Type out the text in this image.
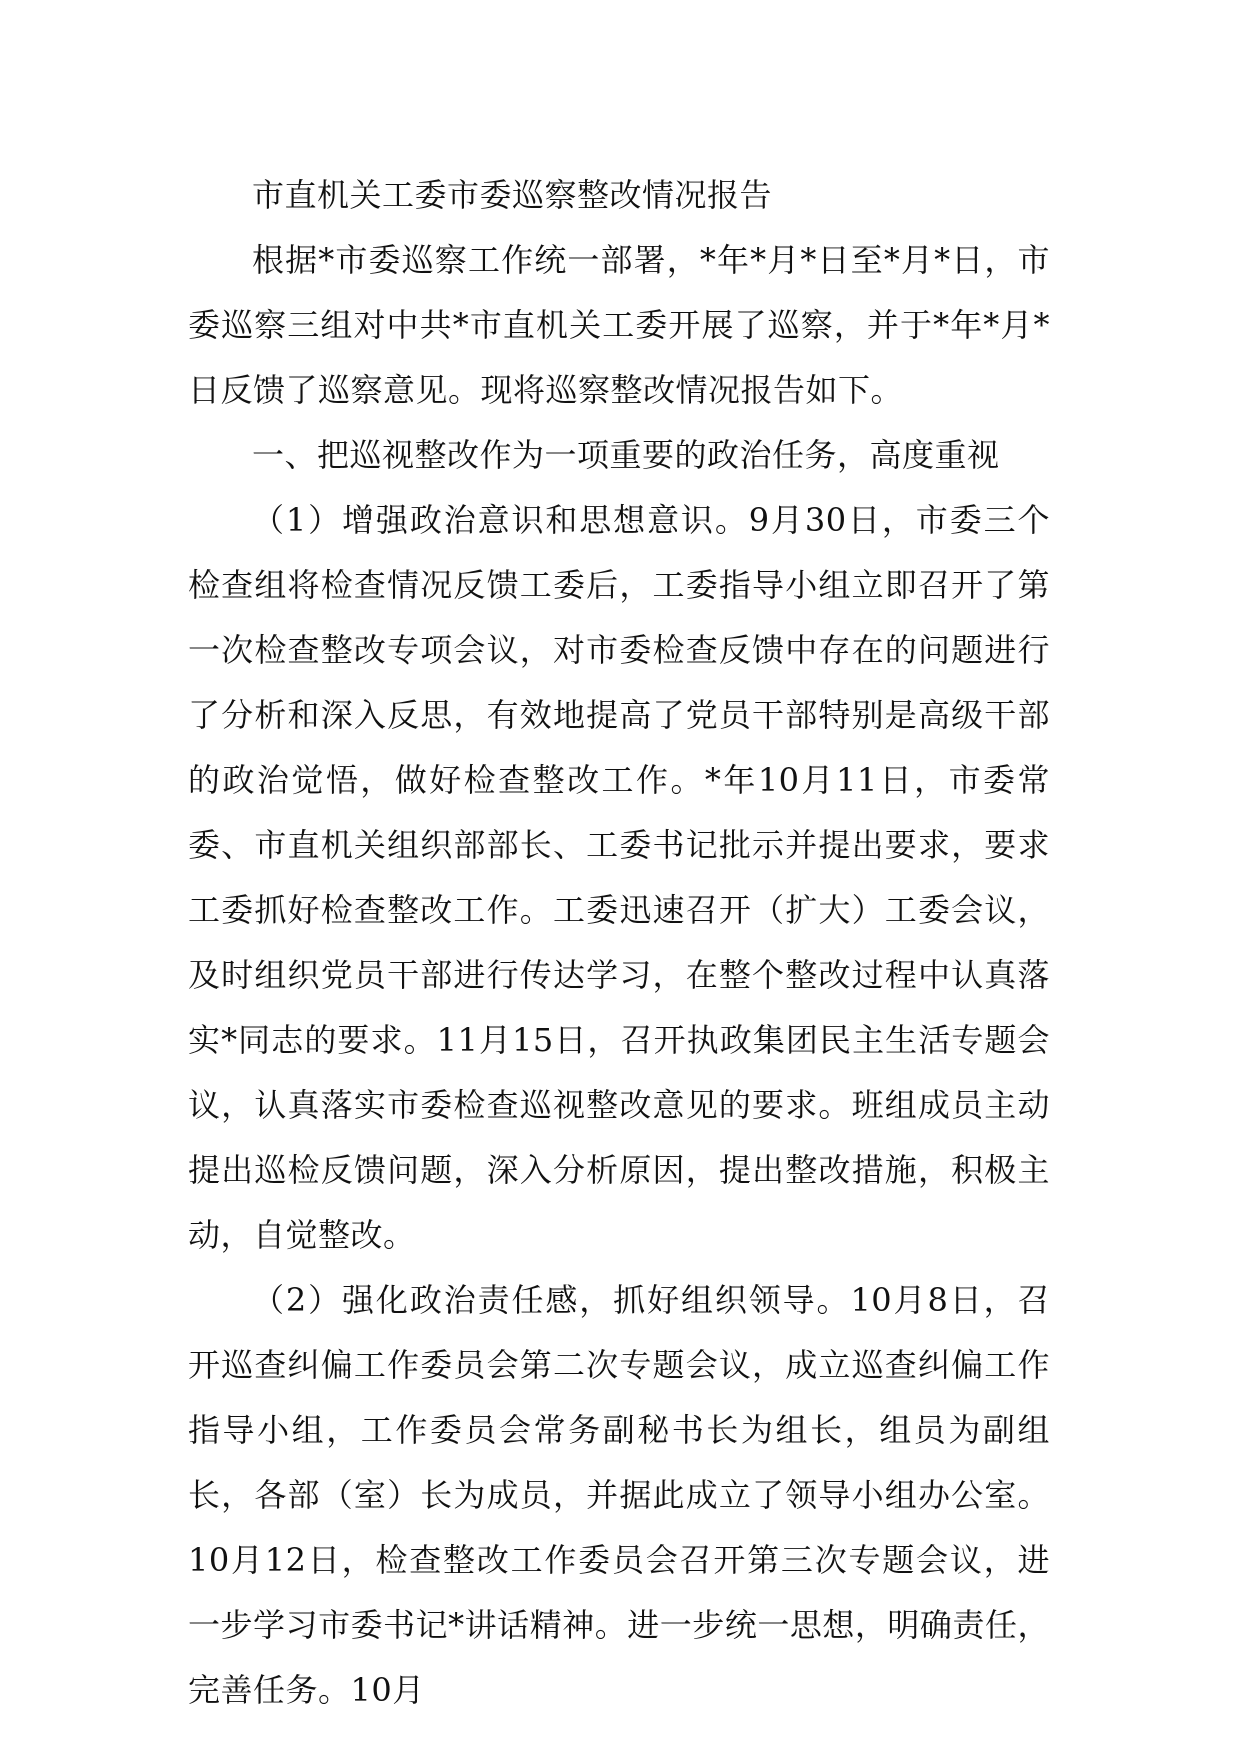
市直机关工委市委巡察整改情况报告

根据*市委巡察工作统一部署，*年*月*日至*月*日，市委巡察三组对中共*市直机关工委开展了巡察，并于*年*月*日反馈了巡察意见。现将巡察整改情况报告如下。

一、把巡视整改作为一项重要的政治任务，高度重视

（1）增强政治意识和思想意识。9月30日，市委三个检查组将检查情况反馈工委后，工委指导小组立即召开了第一次检查整改专项会议，对市委检查反馈中存在的问题进行了分析和深入反思，有效地提高了党员干部特别是高级干部的政治觉悟，做好检查整改工作。*年10月11日，市委常委、市直机关组织部部长、工委书记批示并提出要求，要求工委抓好检查整改工作。工委迅速召开（扩大）工委会议，及时组织党员干部进行传达学习，在整个整改过程中认真落实*同志的要求。11月15日，召开执政集团民主生活专题会议，认真落实市委检查巡视整改意见的要求。班组成员主动提出巡检反馈问题，深入分析原因，提出整改措施，积极主动，自觉整改。

（2）强化政治责任感，抓好组织领导。10月8日，召开巡查纠偏工作委员会第二次专题会议，成立巡查纠偏工作指导小组，工作委员会常务副秘书长为组长，组员为副组长，各部（室）长为成员，并据此成立了领导小组办公室。10月12日，检查整改工作委员会召开第三次专题会议，进一步学习市委书记*讲话精神。进一步统一思想，明确责任，完善任务。10月
